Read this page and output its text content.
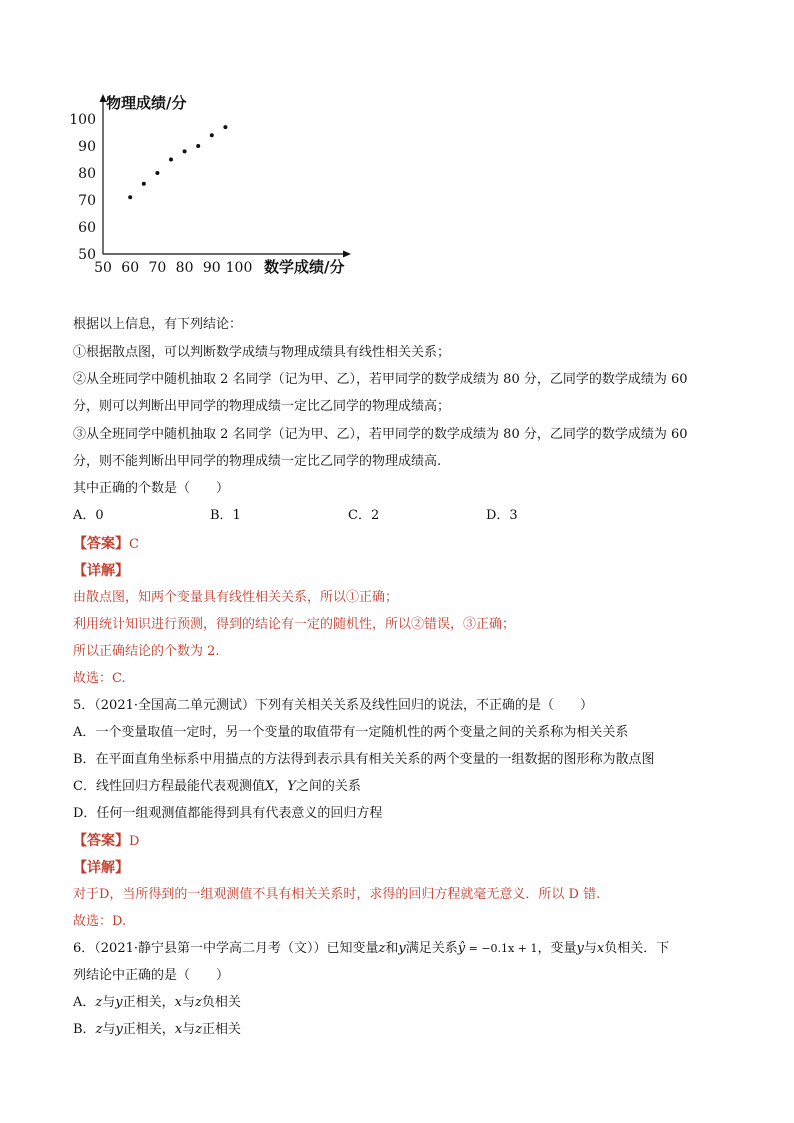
50 60 70 80 90 100
50
60
70
80
90
100
物理成绩/分
数学成绩/分
根据以上信息，有下列结论：
①根据散点图，可以判断数学成绩与物理成绩具有线性相关关系；
②从全班同学中随机抽取 2 名同学（记为甲、乙），若甲同学的数学成绩为 80 分，乙同学的数学成绩为 60
分，则可以判断出甲同学的物理成绩一定比乙同学的物理成绩高；
③从全班同学中随机抽取 2 名同学（记为甲、乙），若甲同学的数学成绩为 80 分，乙同学的数学成绩为 60
分，则不能判断出甲同学的物理成绩一定比乙同学的物理成绩高.
其中正确的个数是（　　）
A．0	B．1	C．2	D．3
【答案】C
【详解】
由散点图，知两个变量具有线性相关关系，所以①正确；
利用统计知识进行预测，得到的结论有一定的随机性，所以②错误，③正确；
所以正确结论的个数为 2.
故选：C.
5．（2021·全国高二单元测试）下列有关相关关系及线性回归的说法，不正确的是（　　）
A．一个变量取值一定时，另一个变量的取值带有一定随机性的两个变量之间的关系称为相关关系
B．在平面直角坐标系中用描点的方法得到表示具有相关关系的两个变量的一组数据的图形称为散点图
C．线性回归方程最能代表观测值X，Y之间的关系
D．任何一组观测值都能得到具有代表意义的回归方程
【答案】D
【详解】
对于D，当所得到的一组观测值不具有相关关系时，求得的回归方程就毫无意义．所以 D 错.
故选：D.
6．（2021·静宁县第一中学高二月考（文））已知变量z和y满足关系ŷ = −0.1x + 1，变量y与x负相关．下
列结论中正确的是（　　）
A．z与y正相关，x与z负相关
B．z与y正相关，x与z正相关
